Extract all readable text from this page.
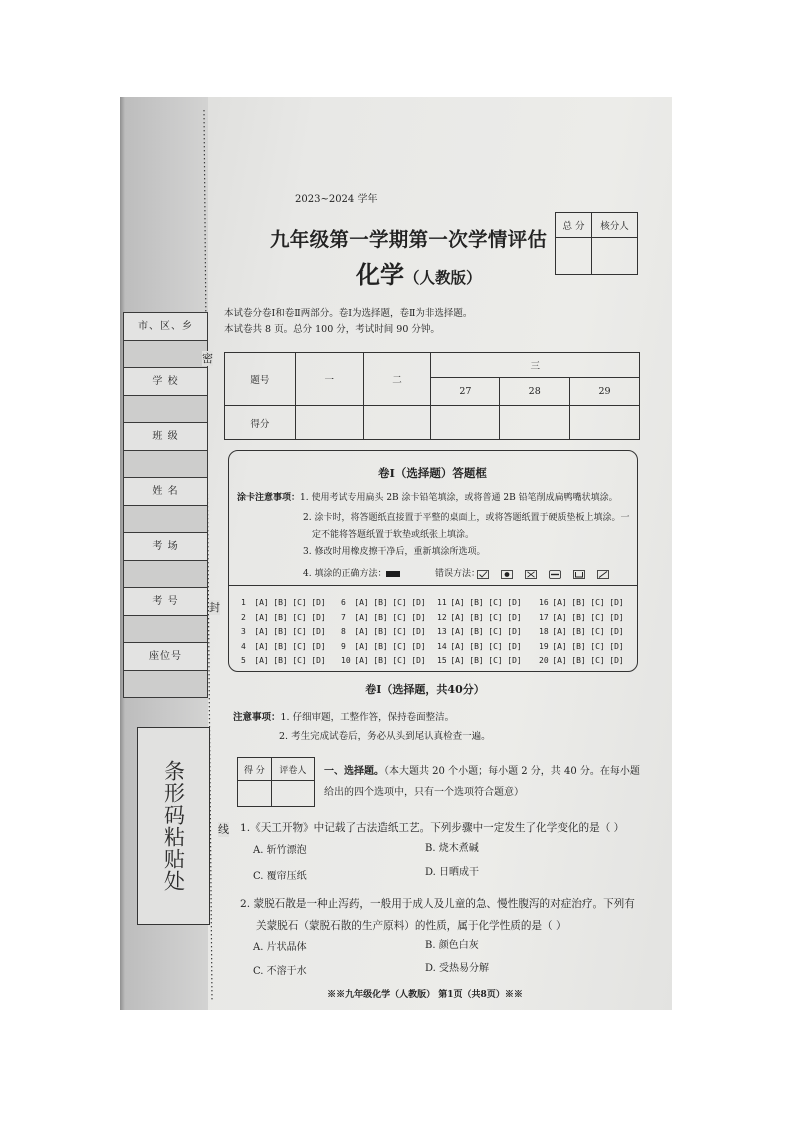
市、区、乡
学 校
班 级
姓 名
考 场
考 号
座位号
条形码粘贴处
密
封
线
2023~2024 学年
九年级第一学期第一次学情评估
化学（人教版）
总 分	核分人

本试卷分卷Ⅰ和卷Ⅱ两部分。卷Ⅰ为选择题，卷Ⅱ为非选择题。
本试卷共 8 页。总分 100 分，考试时间 90 分钟。
题号	一	二	三		
			27	28	29
得分					
卷Ⅰ（选择题）答题框
涂卡注意事项：1. 使用考试专用扁头 2B 涂卡铅笔填涂，或将普通 2B 铅笔削成扁鸭嘴状填涂。
2. 涂卡时，将答题纸直接置于平整的桌面上，或将答题纸置于硬质垫板上填涂。一
定不能将答题纸置于软垫或纸张上填涂。
3. 修改时用橡皮擦干净后，重新填涂所选项。
4. 填涂的正确方法：	错误方法：
1	[A] [B] [C] [D]
2	[A] [B] [C] [D]
3	[A] [B] [C] [D]
4	[A] [B] [C] [D]
5	[A] [B] [C] [D]
6	[A] [B] [C] [D]
7	[A] [B] [C] [D]
8	[A] [B] [C] [D]
9	[A] [B] [C] [D]
10 [A] [B] [C] [D]
11 [A] [B] [C] [D]
12 [A] [B] [C] [D]
13 [A] [B] [C] [D]
14 [A] [B] [C] [D]
15 [A] [B] [C] [D]
16 [A] [B] [C] [D]
17 [A] [B] [C] [D]
18 [A] [B] [C] [D]
19 [A] [B] [C] [D]
20 [A] [B] [C] [D]
卷Ⅰ（选择题，共40分）
注意事项：1. 仔细审题，工整作答，保持卷面整洁。
2. 考生完成试卷后，务必从头到尾认真检查一遍。
得 分	评卷人
	一、选择题。（本大题共 20 个小题；每小题 2 分，共 40 分。在每小题
给出的四个选项中，只有一个选项符合题意）
1.《天工开物》中记载了古法造纸工艺。下列步骤中一定发生了化学变化的是（ ）
A. 斩竹漂泡	B. 烧木煮碱
C. 覆帘压纸	D. 日晒成干
2. 蒙脱石散是一种止泻药，一般用于成人及儿童的急、慢性腹泻的对症治疗。下列有
关蒙脱石（蒙脱石散的生产原料）的性质，属于化学性质的是（ ）
A. 片状晶体	B. 颜色白灰
C. 不溶于水	D. 受热易分解
※※九年级化学（人教版） 第1页（共8页）※※
